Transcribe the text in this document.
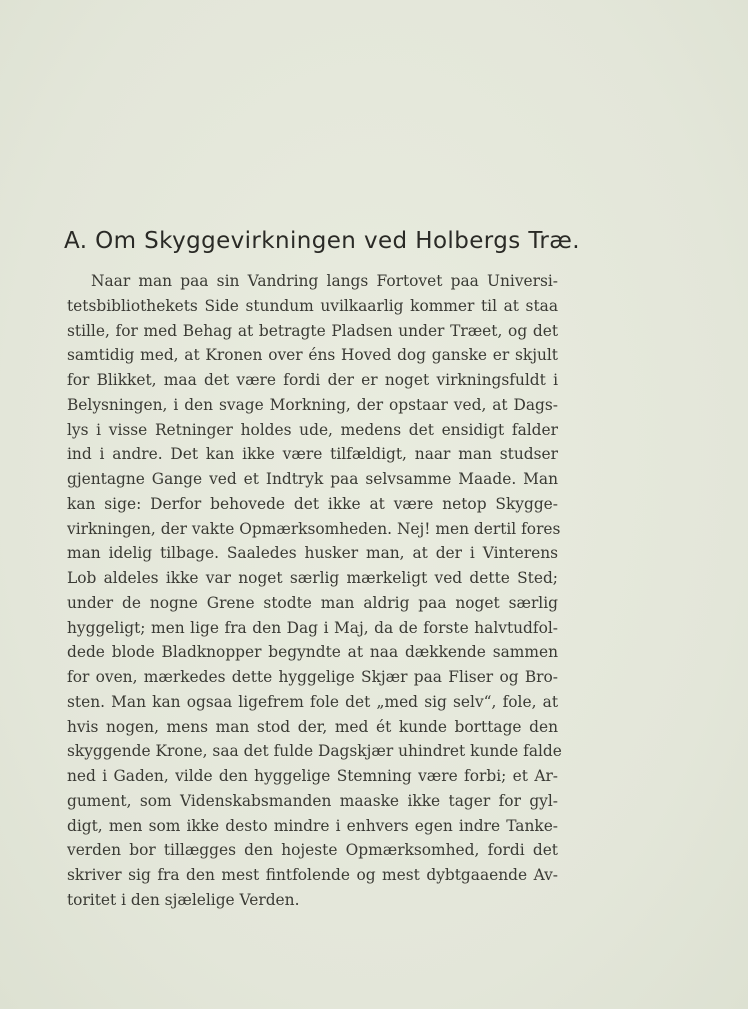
A. Om Skyggevirkningen ved Holbergs Træ.
Naar man paa sin Vandring langs Fortovet paa Universi-
tetsbibliothekets Side stundum uvilkaarlig kommer til at staa
stille, for med Behag at betragte Pladsen under Træet, og det
samtidig med, at Kronen over éns Hoved dog ganske er skjult
for Blikket, maa det være fordi der er noget virkningsfuldt i
Belysningen, i den svage Morkning, der opstaar ved, at Dags-
lys i visse Retninger holdes ude, medens det ensidigt falder
ind i andre. Det kan ikke være tilfældigt, naar man studser
gjentagne Gange ved et Indtryk paa selvsamme Maade. Man
kan sige: Derfor behovede det ikke at være netop Skygge-
virkningen, der vakte Opmærksomheden. Nej! men dertil fores
man idelig tilbage. Saaledes husker man, at der i Vinterens
Lob aldeles ikke var noget særlig mærkeligt ved dette Sted;
under de nogne Grene stodte man aldrig paa noget særlig
hyggeligt; men lige fra den Dag i Maj, da de forste halvtudfol-
dede blode Bladknopper begyndte at naa dækkende sammen
for oven, mærkedes dette hyggelige Skjær paa Fliser og Bro-
sten. Man kan ogsaa ligefrem fole det „med sig selv“, fole, at
hvis nogen, mens man stod der, med ét kunde borttage den
skyggende Krone, saa det fulde Dagskjær uhindret kunde falde
ned i Gaden, vilde den hyggelige Stemning være forbi; et Ar-
gument, som Videnskabsmanden maaske ikke tager for gyl-
digt, men som ikke desto mindre i enhvers egen indre Tanke-
verden bor tillægges den hojeste Opmærksomhed, fordi det
skriver sig fra den mest fintfolende og mest dybtgaaende Av-
toritet i den sjælelige Verden.
